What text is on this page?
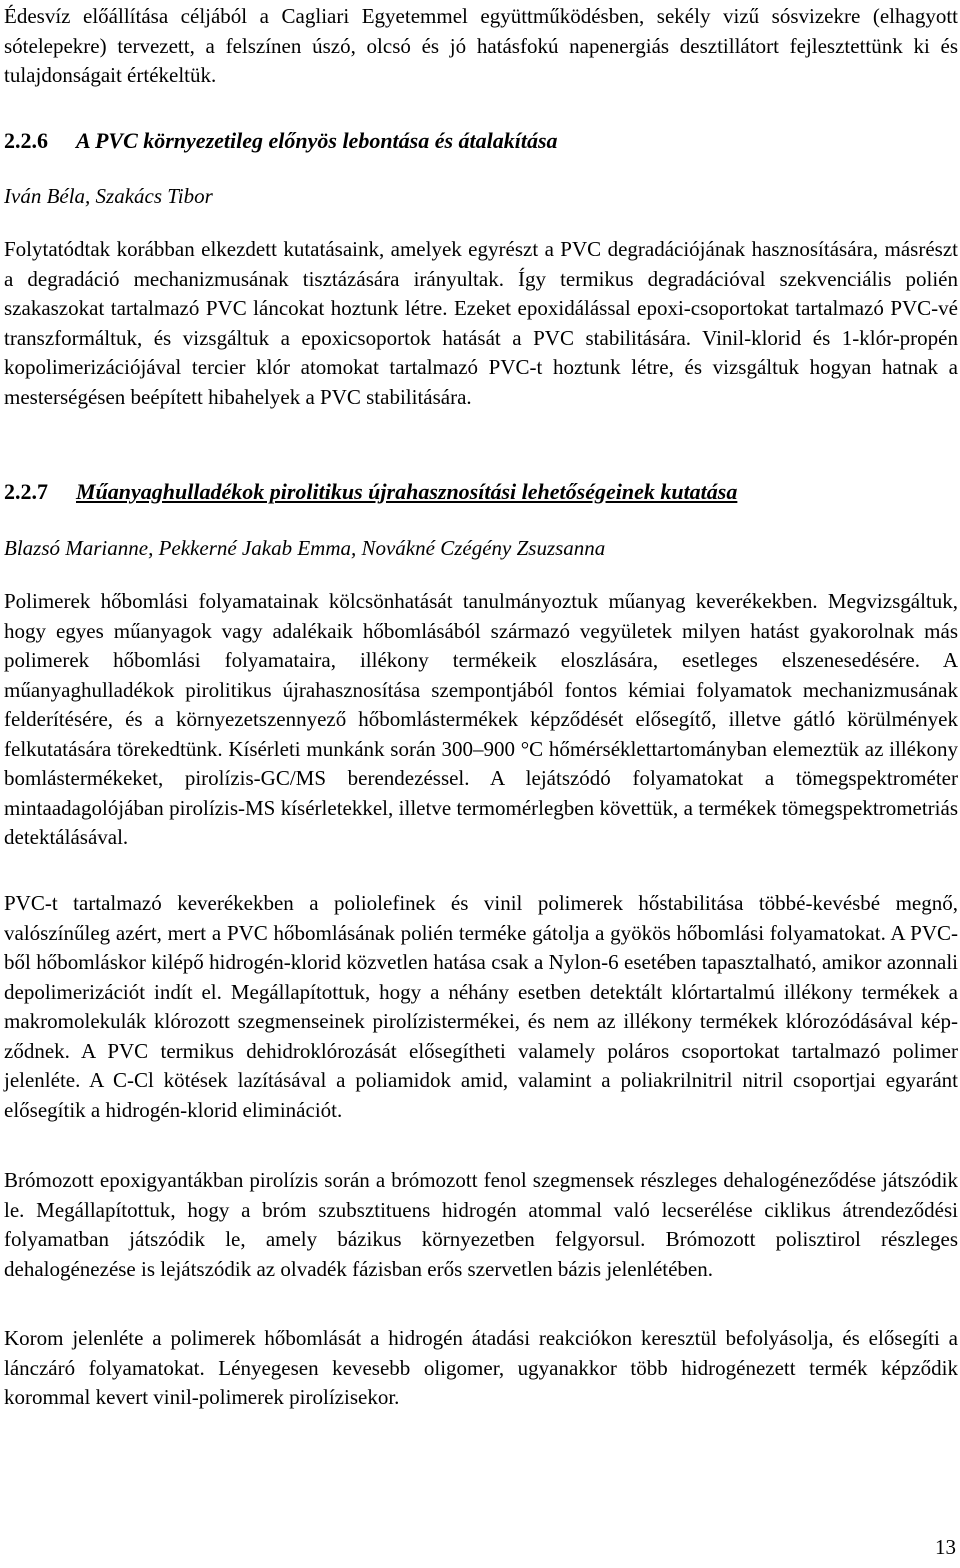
Édesvíz előállítása céljából a Cagliari Egyetemmel együttműködésben, sekély vizű sósvizekre (elhagyott sótelepekre) tervezett, a felszínen úszó, olcsó és jó hatásfokú napenergiás desztillátort fejlesztettünk ki és tulajdonságait értékeltük.

2.2.6	A PVC környezetileg előnyös lebontása és átalakítása
Iván Béla, Szakács Tibor

Folytatódtak korábban elkezdett kutatásaink, amelyek egyrészt a PVC degradációjának hasznosítására, másrészt a degradáció mechanizmusának tisztázására irányultak. Így termikus degradációval szekvenciális polién szakaszokat tartalmazó PVC láncokat hoztunk létre. Ezeket epoxidálással epoxi-csoportokat tartalmazó PVC-vé transzformáltuk, és vizsgáltuk a epoxicsoportok hatását a PVC stabilitására. Vinil-klorid és 1-klór-propén kopolimerizációjával tercier klór atomokat tartalmazó PVC-t hoztunk létre, és vizsgáltuk hogyan hatnak a mesterségésen beépített hibahelyek a PVC stabilitására.

2.2.7	Műanyaghulladékok pirolitikus újrahasznosítási lehetőségeinek kutatása
Blazsó Marianne, Pekkerné Jakab Emma, Novákné Czégény Zsuzsanna

Polimerek hőbomlási folyamatainak kölcsönhatását tanulmányoztuk műanyag keverékekben. Megvizsgáltuk, hogy egyes műanyagok vagy adalékaik hőbomlásából származó vegyületek milyen hatást gyakorolnak más polimerek hőbomlási folyamataira, illékony termékeik eloszlására, esetleges elszenesedésére. A műanyaghulladékok pirolitikus újrahasznosítása szempontjából fontos kémiai folyamatok mechanizmusának felderítésére, és a környezetszennyező hőbomlástermékek képződését elősegítő, illetve gátló körülmények felkutatására törekedtünk. Kísérleti munkánk során 300–900 °C hőmérséklettartományban elemeztük az illékony bomlástermékeket, pirolízis-GC/MS berendezéssel. A lejátszódó folyamatokat a tömegspektrométer mintaadagolójában pirolízis-MS kísérletekkel, illetve termomérlegben követtük, a termékek tömegspektrometriás detektálásával.

PVC-t tartalmazó keverékekben a poliolefinek és vinil polimerek hőstabilitása többé-kevésbé megnő, valószínűleg azért, mert a PVC hőbomlásának polién terméke gátolja a gyökös hőbomlási folyamatokat. A PVC-ből hőbomláskor kilépő hidrogén-klorid közvetlen hatása csak a Nylon-6 esetében tapasztalható, amikor azonnali depolimerizációt indít el. Megállapítottuk, hogy a néhány esetben detektált klórtartalmú illékony termékek a makromolekulák klórozott szegmenseinek pirolízistermékei, és nem az illékony termékek klórozódásával képződnek. A PVC termikus dehidroklórozását elősegítheti valamely poláros csoportokat tartalmazó polimer jelenléte. A C-Cl kötések lazításával a poliamidok amid, valamint a poliakrilnitril nitril csoportjai egyaránt elősegítik a hidrogén-klorid eliminációt.

Brómozott epoxigyantákban pirolízis során a brómozott fenol szegmensek részleges dehalogéneződése játszódik le. Megállapítottuk, hogy a bróm szubsztituens hidrogén atommal való lecserélése ciklikus átrendeződési folyamatban játszódik le, amely bázikus környezetben felgyorsul. Brómozott polisztirol részleges dehalogénezése is lejátszódik az olvadék fázisban erős szervetlen bázis jelenlétében.

Korom jelenléte a polimerek hőbomlását a hidrogén átadási reakciókon keresztül befolyásolja, és elősegíti a lánczáró folyamatokat. Lényegesen kevesebb oligomer, ugyanakkor több hidrogénezett termék képződik korommal kevert vinil-polimerek pirolízisekor.

13
